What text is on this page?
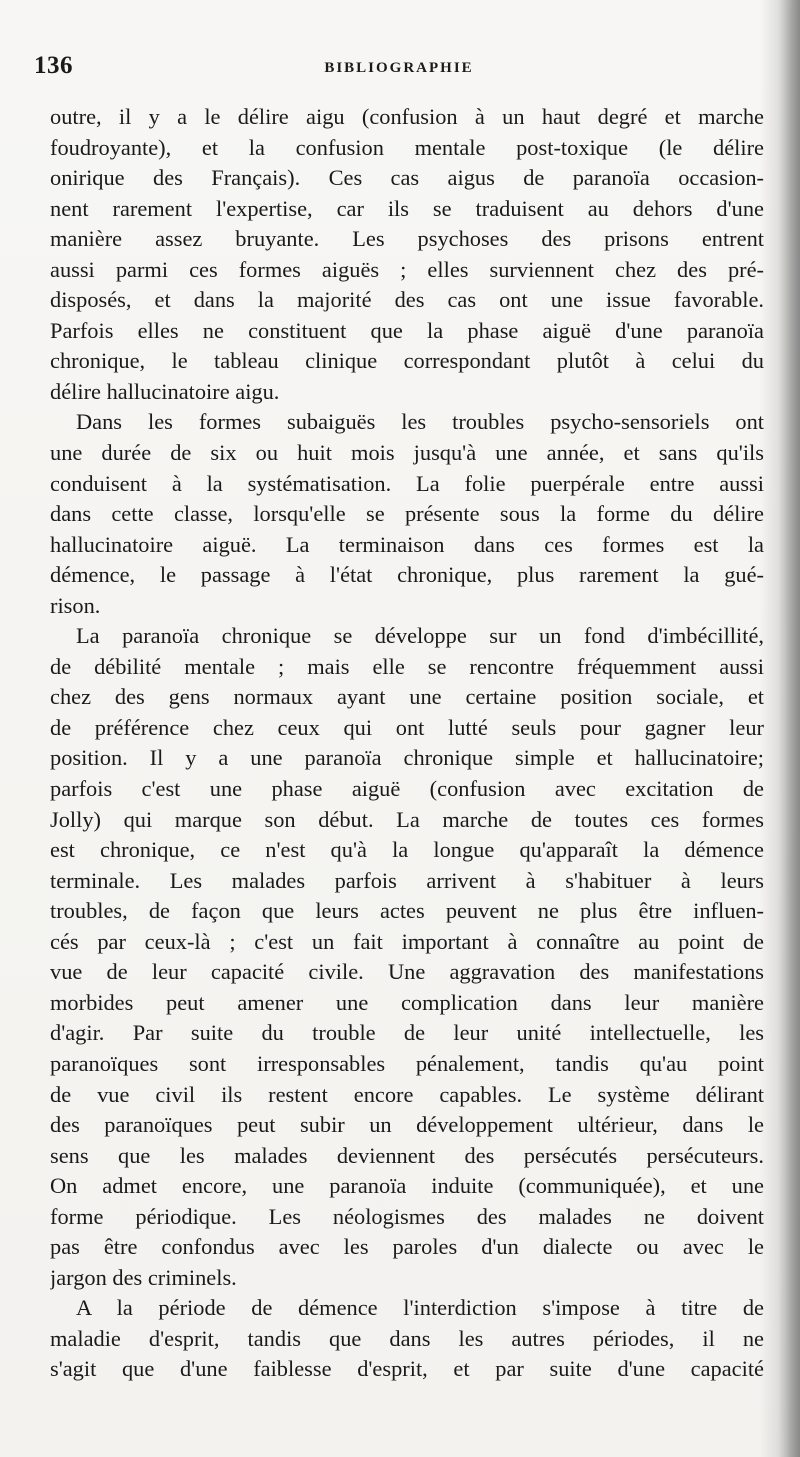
136	BIBLIOGRAPHIE
outre, il y a le délire aigu (confusion à un haut degré et marche
foudroyante), et la confusion mentale post-toxique (le délire
onirique des Français). Ces cas aigus de paranoïa occasion-
nent rarement l'expertise, car ils se traduisent au dehors d'une
manière assez bruyante. Les psychoses des prisons entrent
aussi parmi ces formes aiguës ; elles surviennent chez des pré-
disposés, et dans la majorité des cas ont une issue favorable.
Parfois elles ne constituent que la phase aiguë d'une paranoïa
chronique, le tableau clinique correspondant plutôt à celui du
délire hallucinatoire aigu.
Dans les formes subaiguës les troubles psycho-sensoriels ont
une durée de six ou huit mois jusqu'à une année, et sans qu'ils
conduisent à la systématisation. La folie puerpérale entre aussi
dans cette classe, lorsqu'elle se présente sous la forme du délire
hallucinatoire aiguë. La terminaison dans ces formes est la
démence, le passage à l'état chronique, plus rarement la gué-
rison.
La paranoïa chronique se développe sur un fond d'imbécillité,
de débilité mentale ; mais elle se rencontre fréquemment aussi
chez des gens normaux ayant une certaine position sociale, et
de préférence chez ceux qui ont lutté seuls pour gagner leur
position. Il y a une paranoïa chronique simple et hallucinatoire;
parfois c'est une phase aiguë (confusion avec excitation de
Jolly) qui marque son début. La marche de toutes ces formes
est chronique, ce n'est qu'à la longue qu'apparaît la démence
terminale. Les malades parfois arrivent à s'habituer à leurs
troubles, de façon que leurs actes peuvent ne plus être influen-
cés par ceux-là ; c'est un fait important à connaître au point de
vue de leur capacité civile. Une aggravation des manifestations
morbides peut amener une complication dans leur manière
d'agir. Par suite du trouble de leur unité intellectuelle, les
paranoïques sont irresponsables pénalement, tandis qu'au point
de vue civil ils restent encore capables. Le système délirant
des paranoïques peut subir un développement ultérieur, dans le
sens que les malades deviennent des persécutés persécuteurs.
On admet encore, une paranoïa induite (communiquée), et une
forme périodique. Les néologismes des malades ne doivent
pas être confondus avec les paroles d'un dialecte ou avec le
jargon des criminels.
A la période de démence l'interdiction s'impose à titre de
maladie d'esprit, tandis que dans les autres périodes, il ne
s'agit que d'une faiblesse d'esprit, et par suite d'une capacité
